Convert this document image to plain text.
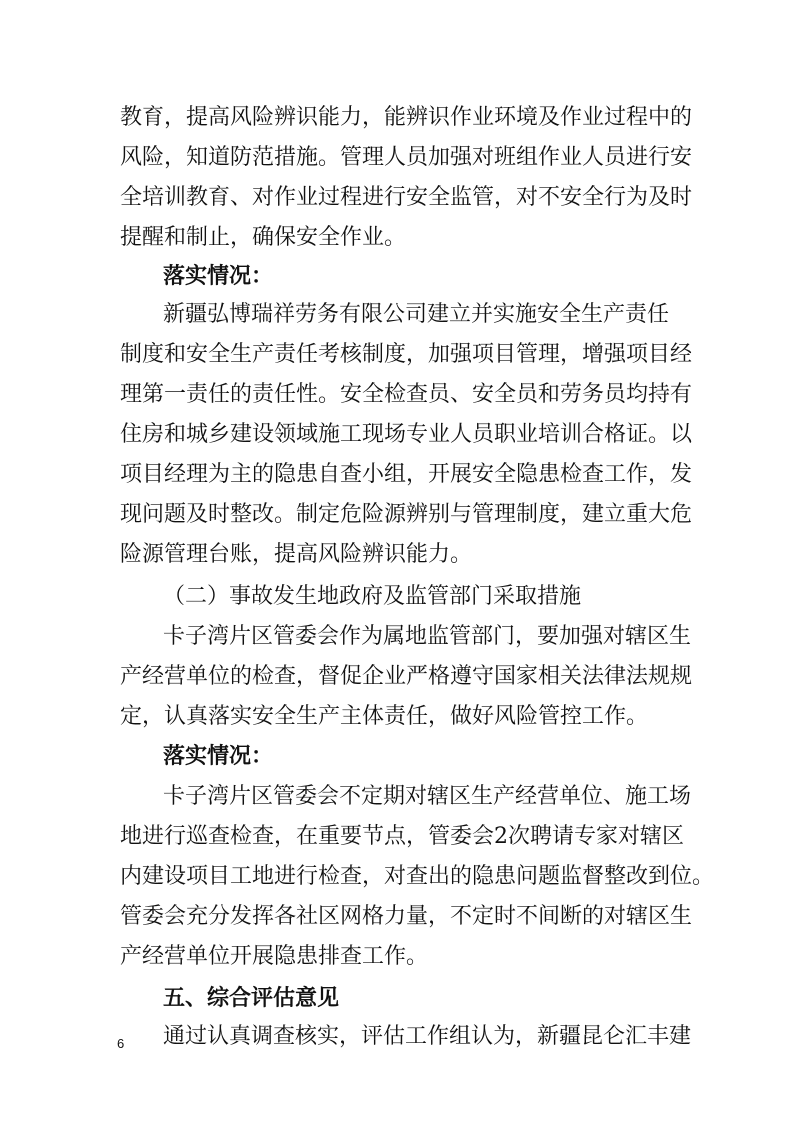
教育，提高风险辨识能力，能辨识作业环境及作业过程中的
风险，知道防范措施。管理人员加强对班组作业人员进行安
全培训教育、对作业过程进行安全监管，对不安全行为及时
提醒和制止，确保安全作业。
落实情况：
新疆弘博瑞祥劳务有限公司建立并实施安全生产责任
制度和安全生产责任考核制度，加强项目管理，增强项目经
理第一责任的责任性。安全检查员、安全员和劳务员均持有
住房和城乡建设领域施工现场专业人员职业培训合格证。以
项目经理为主的隐患自查小组，开展安全隐患检查工作，发
现问题及时整改。制定危险源辨别与管理制度，建立重大危
险源管理台账，提高风险辨识能力。
（二）事故发生地政府及监管部门采取措施
卡子湾片区管委会作为属地监管部门，要加强对辖区生
产经营单位的检查，督促企业严格遵守国家相关法律法规规
定，认真落实安全生产主体责任，做好风险管控工作。
落实情况：
卡子湾片区管委会不定期对辖区生产经营单位、施工场
地进行巡查检查，在重要节点，管委会2次聘请专家对辖区
内建设项目工地进行检查，对查出的隐患问题监督整改到位。
管委会充分发挥各社区网格力量，不定时不间断的对辖区生
产经营单位开展隐患排查工作。
五、综合评估意见
通过认真调查核实，评估工作组认为，新疆昆仑汇丰建
6
